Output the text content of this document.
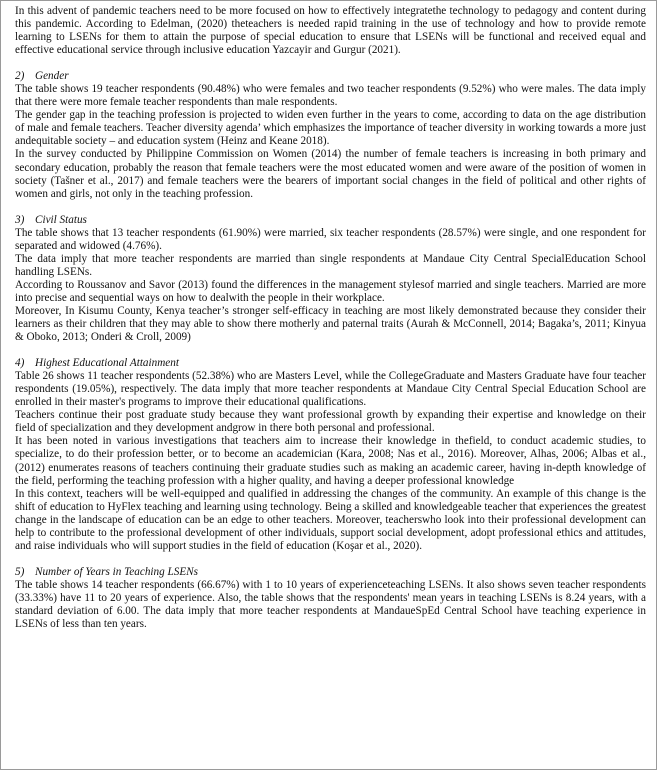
In this advent of pandemic teachers need to be more focused on how to effectively integratethe technology to pedagogy and content during this pandemic. According to Edelman, (2020) theteachers is needed rapid training in the use of technology and how to provide remote learning to LSENs for them to attain the purpose of special education to ensure that LSENs will be functional and received equal and effective educational service through inclusive education Yazcayir and Gurgur (2021).

2) Gender

The table shows 19 teacher respondents (90.48%) who were females and two teacher respondents (9.52%) who were males. The data imply that there were more female teacher respondents than male respondents.

The gender gap in the teaching profession is projected to widen even further in the years to come, according to data on the age distribution of male and female teachers. Teacher diversity agenda’ which emphasizes the importance of teacher diversity in working towards a more just andequitable society – and education system (Heinz and Keane 2018).

In the survey conducted by Philippine Commission on Women (2014) the number of female teachers is increasing in both primary and secondary education, probably the reason that female teachers were the most educated women and were aware of the position of women in society (Tašner et al., 2017) and female teachers were the bearers of important social changes in the field of political and other rights of women and girls, not only in the teaching profession.

3) Civil Status

The table shows that 13 teacher respondents (61.90%) were married, six teacher respondents (28.57%) were single, and one respondent for separated and widowed (4.76%).

The data imply that more teacher respondents are married than single respondents at Mandaue City Central SpecialEducation School handling LSENs.

According to Roussanov and Savor (2013) found the differences in the management stylesof married and single teachers. Married are more into precise and sequential ways on how to dealwith the people in their workplace.

Moreover, In Kisumu County, Kenya teacher’s stronger self-efficacy in teaching are most likely demonstrated because they consider their learners as their children that they may able to show there motherly and paternal traits (Aurah & McConnell, 2014; Bagaka’s, 2011; Kinyua & Oboko, 2013; Onderi & Croll, 2009)

4) Highest Educational Attainment

Table 26 shows 11 teacher respondents (52.38%) who are Masters Level, while the CollegeGraduate and Masters Graduate have four teacher respondents (19.05%), respectively. The data imply that more teacher respondents at Mandaue City Central Special Education School are enrolled in their master's programs to improve their educational qualifications.

Teachers continue their post graduate study because they want professional growth by expanding their expertise and knowledge on their field of specialization and they development andgrow in there both personal and professional.

It has been noted in various investigations that teachers aim to increase their knowledge in thefield, to conduct academic studies, to specialize, to do their profession better, or to become an academician (Kara, 2008; Nas et al., 2016). Moreover, Alhas, 2006; Albas et al., (2012) enumerates reasons of teachers continuing their graduate studies such as making an academic career, having in-depth knowledge of the field, performing the teaching profession with a higher quality, and having a deeper professional knowledge

In this context, teachers will be well-equipped and qualified in addressing the changes of the community. An example of this change is the shift of education to HyFlex teaching and learning using technology. Being a skilled and knowledgeable teacher that experiences the greatest change in the landscape of education can be an edge to other teachers. Moreover, teacherswho look into their professional development can help to contribute to the professional development of other individuals, support social development, adopt professional ethics and attitudes, and raise individuals who will support studies in the field of education (Koşar et al., 2020).

5) Number of Years in Teaching LSENs

The table shows 14 teacher respondents (66.67%) with 1 to 10 years of experienceteaching LSENs. It also shows seven teacher respondents (33.33%) have 11 to 20 years of experience. Also, the table shows that the respondents' mean years in teaching LSENs is 8.24 years, with a standard deviation of 6.00. The data imply that more teacher respondents at MandaueSpEd Central School have teaching experience in LSENs of less than ten years.
